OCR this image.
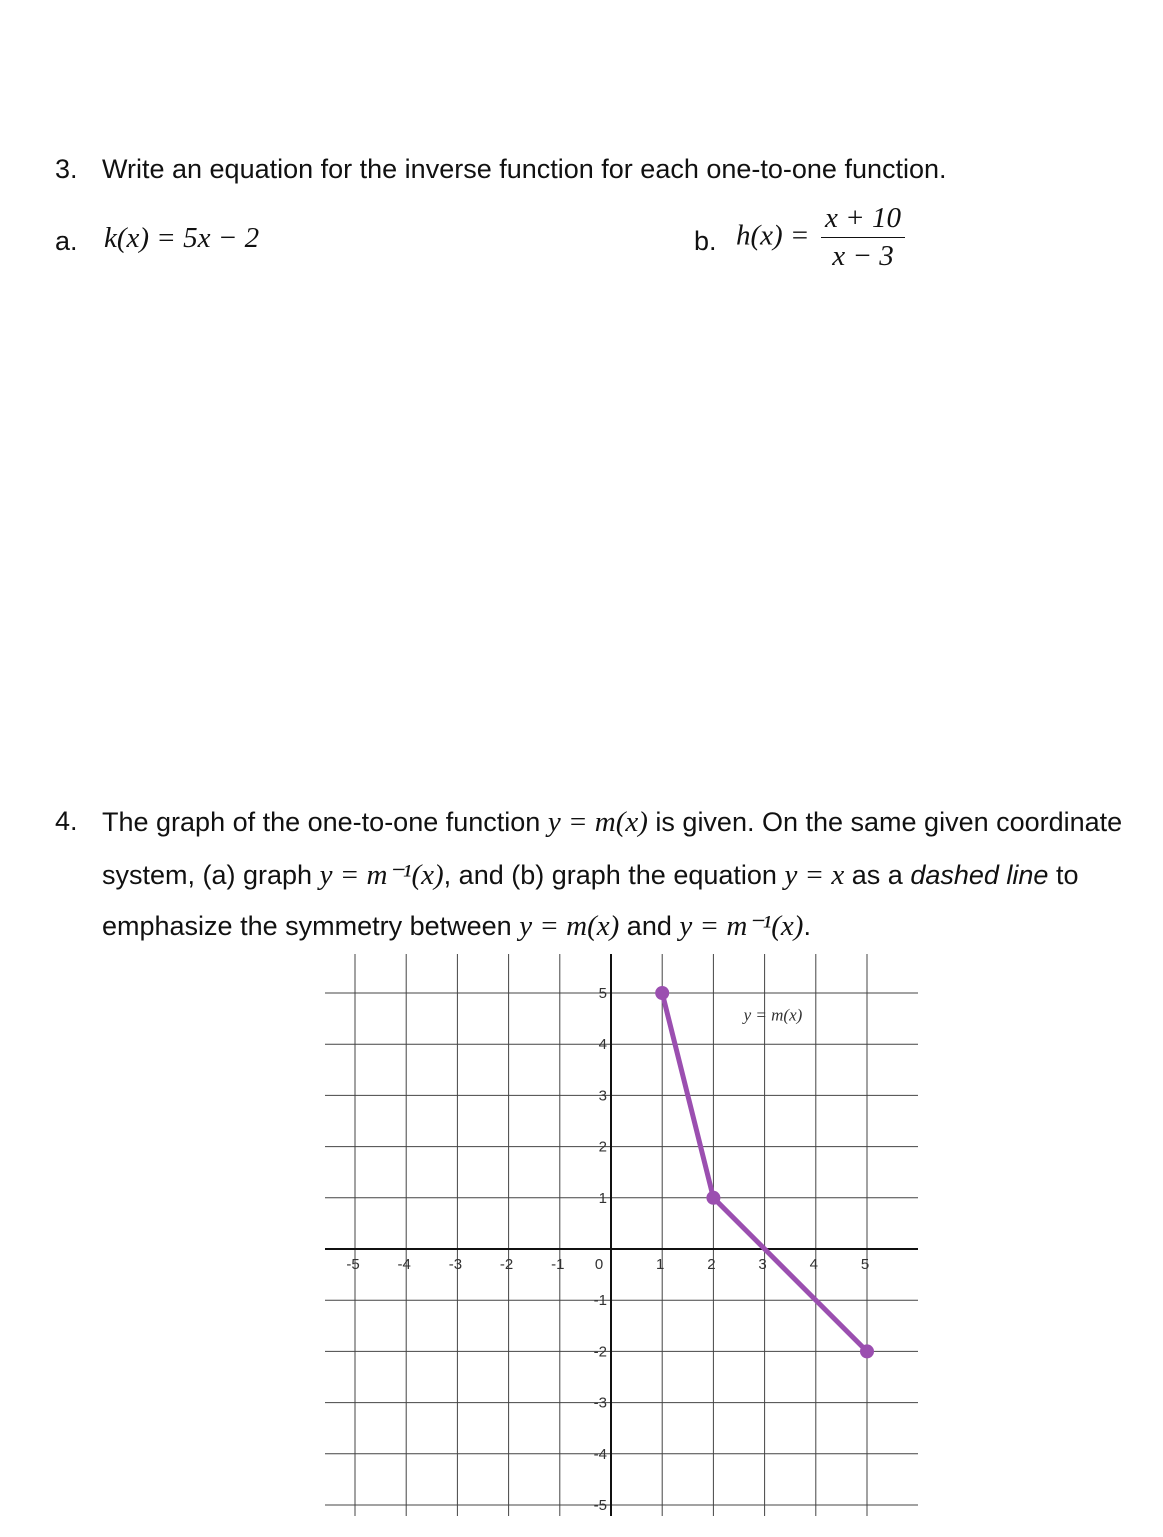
3. Write an equation for the inverse function for each one-to-one function.
a. k(x) = 5x − 2	b. $h(x) = \frac{x + 10}{x - 3}$
4. The graph of the one-to-one function y = m(x) is given. On the same given coordinate
system, (a) graph y = m⁻¹(x), and (b) graph the equation y = x as a dashed line to
emphasize the symmetry between y = m(x) and y = m⁻¹(x).
-5	-4	-3	-2	-1 0	1	2	3	4	5
5
4
3
2
1
-1
-2
-3
-4
-5
y = m(x)
